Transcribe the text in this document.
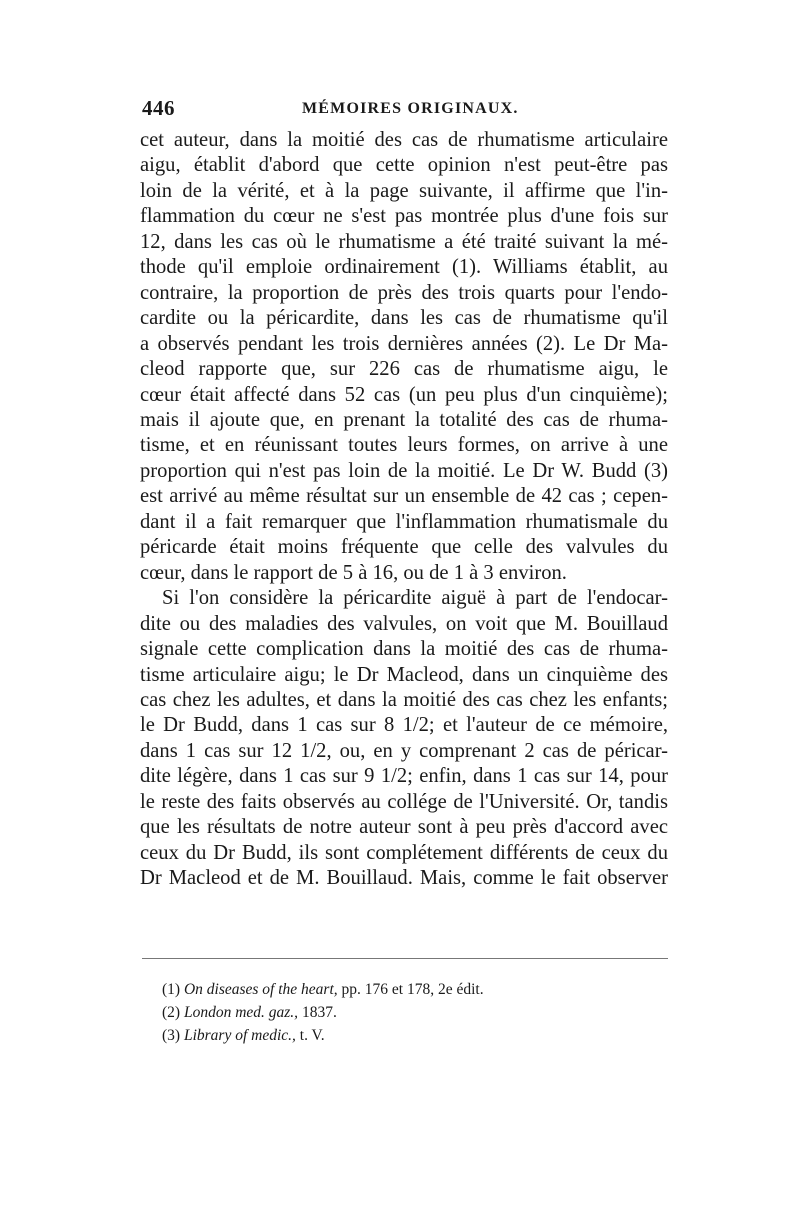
446	MÉMOIRES ORIGINAUX.
cet auteur, dans la moitié des cas de rhumatisme articulaire
aigu, établit d'abord que cette opinion n'est peut-être pas
loin de la vérité, et à la page suivante, il affirme que l'in-
flammation du cœur ne s'est pas montrée plus d'une fois sur
12, dans les cas où le rhumatisme a été traité suivant la mé-
thode qu'il emploie ordinairement (1). Williams établit, au
contraire, la proportion de près des trois quarts pour l'endo-
cardite ou la péricardite, dans les cas de rhumatisme qu'il
a observés pendant les trois dernières années (2). Le Dr Ma-
cleod rapporte que, sur 226 cas de rhumatisme aigu, le
cœur était affecté dans 52 cas (un peu plus d'un cinquième);
mais il ajoute que, en prenant la totalité des cas de rhuma-
tisme, et en réunissant toutes leurs formes, on arrive à une
proportion qui n'est pas loin de la moitié. Le Dr W. Budd (3)
est arrivé au même résultat sur un ensemble de 42 cas ; cepen-
dant il a fait remarquer que l'inflammation rhumatismale du
péricarde était moins fréquente que celle des valvules du
cœur, dans le rapport de 5 à 16, ou de 1 à 3 environ.
Si l'on considère la péricardite aiguë à part de l'endocar-
dite ou des maladies des valvules, on voit que M. Bouillaud
signale cette complication dans la moitié des cas de rhuma-
tisme articulaire aigu; le Dr Macleod, dans un cinquième des
cas chez les adultes, et dans la moitié des cas chez les enfants;
le Dr Budd, dans 1 cas sur 8 1/2; et l'auteur de ce mémoire,
dans 1 cas sur 12 1/2, ou, en y comprenant 2 cas de péricar-
dite légère, dans 1 cas sur 9 1/2; enfin, dans 1 cas sur 14, pour
le reste des faits observés au collége de l'Université. Or, tandis
que les résultats de notre auteur sont à peu près d'accord avec
ceux du Dr Budd, ils sont complétement différents de ceux du
Dr Macleod et de M. Bouillaud. Mais, comme le fait observer
(1) On diseases of the heart, pp. 176 et 178, 2e édit.
(2) London med. gaz., 1837.
(3) Library of medic., t. V.
